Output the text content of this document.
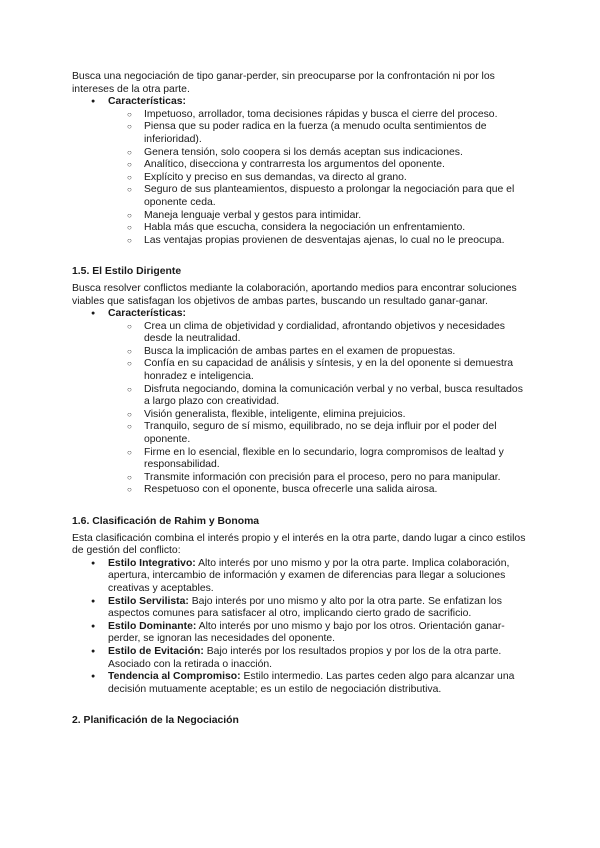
Busca una negociación de tipo ganar-perder, sin preocuparse por la confrontación ni por los intereses de la otra parte.

● Características:
○ Impetuoso, arrollador, toma decisiones rápidas y busca el cierre del proceso.
○ Piensa que su poder radica en la fuerza (a menudo oculta sentimientos de inferioridad).
○ Genera tensión, solo coopera si los demás aceptan sus indicaciones.
○ Analítico, disecciona y contrarresta los argumentos del oponente.
○ Explícito y preciso en sus demandas, va directo al grano.
○ Seguro de sus planteamientos, dispuesto a prolongar la negociación para que el oponente ceda.
○ Maneja lenguaje verbal y gestos para intimidar.
○ Habla más que escucha, considera la negociación un enfrentamiento.
○ Las ventajas propias provienen de desventajas ajenas, lo cual no le preocupa.

1.5. El Estilo Dirigente

Busca resolver conflictos mediante la colaboración, aportando medios para encontrar soluciones viables que satisfagan los objetivos de ambas partes, buscando un resultado ganar-ganar.

● Características:
○ Crea un clima de objetividad y cordialidad, afrontando objetivos y necesidades desde la neutralidad.
○ Busca la implicación de ambas partes en el examen de propuestas.
○ Confía en su capacidad de análisis y síntesis, y en la del oponente si demuestra honradez e inteligencia.
○ Disfruta negociando, domina la comunicación verbal y no verbal, busca resultados a largo plazo con creatividad.
○ Visión generalista, flexible, inteligente, elimina prejuicios.
○ Tranquilo, seguro de sí mismo, equilibrado, no se deja influir por el poder del oponente.
○ Firme en lo esencial, flexible en lo secundario, logra compromisos de lealtad y responsabilidad.
○ Transmite información con precisión para el proceso, pero no para manipular.
○ Respetuoso con el oponente, busca ofrecerle una salida airosa.

1.6. Clasificación de Rahim y Bonoma

Esta clasificación combina el interés propio y el interés en la otra parte, dando lugar a cinco estilos de gestión del conflicto:

● Estilo Integrativo: Alto interés por uno mismo y por la otra parte. Implica colaboración, apertura, intercambio de información y examen de diferencias para llegar a soluciones creativas y aceptables.
● Estilo Servilista: Bajo interés por uno mismo y alto por la otra parte. Se enfatizan los aspectos comunes para satisfacer al otro, implicando cierto grado de sacrificio.
● Estilo Dominante: Alto interés por uno mismo y bajo por los otros. Orientación ganar-perder, se ignoran las necesidades del oponente.
● Estilo de Evitación: Bajo interés por los resultados propios y por los de la otra parte. Asociado con la retirada o inacción.
● Tendencia al Compromiso: Estilo intermedio. Las partes ceden algo para alcanzar una decisión mutuamente aceptable; es un estilo de negociación distributiva.

2. Planificación de la Negociación
